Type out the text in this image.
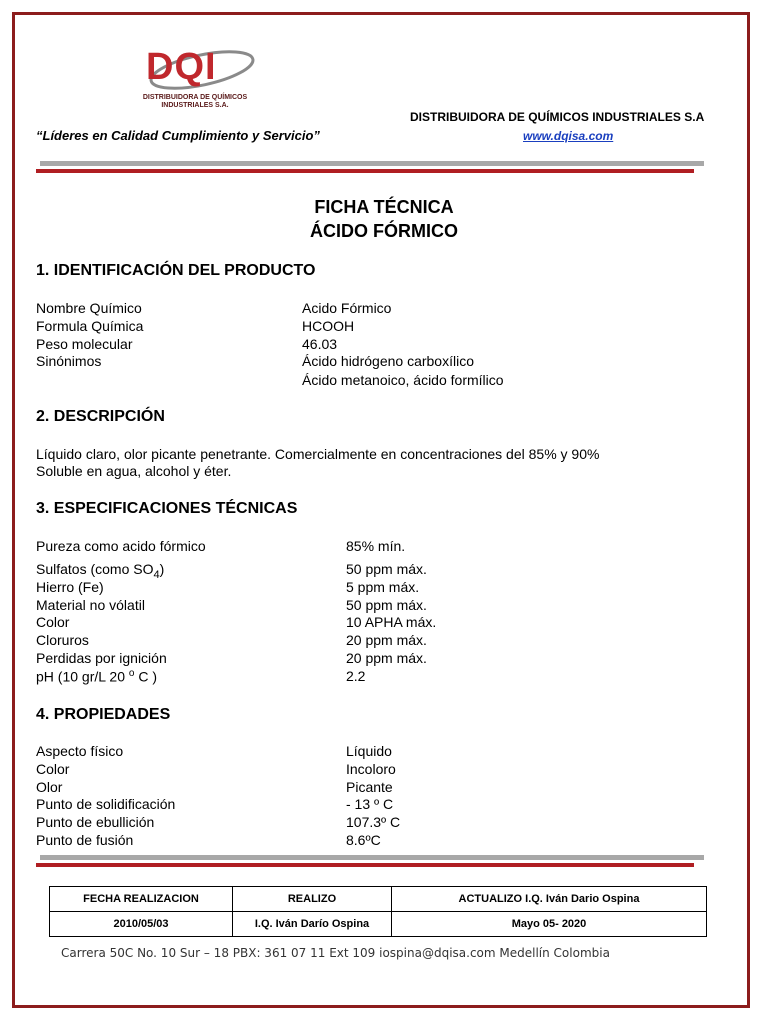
DQI
DISTRIBUIDORA DE QUÍMICOS
INDUSTRIALES S.A.
DISTRIBUIDORA DE QUÍMICOS INDUSTRIALES S.A
www.dqisa.com
“Líderes en Calidad Cumplimiento y Servicio”
FICHA TÉCNICA
ÁCIDO FÓRMICO
1. IDENTIFICACIÓN DEL PRODUCTO
Nombre Químico	Acido Fórmico
Formula Química	HCOOH
Peso molecular	46.03
Sinónimos	Ácido hidrógeno carboxílico
Ácido metanoico, ácido formílico
2. DESCRIPCIÓN
Líquido claro, olor picante penetrante. Comercialmente en concentraciones del 85% y 90%
Soluble en agua, alcohol y éter.
3. ESPECIFICACIONES TÉCNICAS
Pureza como acido fórmico	85% mín.
Sulfatos (como $SO_4$)	50 ppm máx.
Hierro (Fe)	5 ppm máx.
Material no vólatil	50 ppm máx.
Color	10 APHA máx.
Cloruros	20 ppm máx.
Perdidas por ignición	20 ppm máx.
pH (10 gr/L 20 $^o$ C )	2.2
4. PROPIEDADES
Aspecto físico	Líquido
Color	Incoloro
Olor	Picante
Punto de solidificación	- 13 º C
Punto de ebullición	107.3º C
Punto de fusión	8.6ºC
FECHA REALIZACION	REALIZO	ACTUALIZO I.Q. Iván Dario Ospina
2010/05/03	I.Q. Iván Darío Ospina	Mayo 05- 2020
Carrera 50C No. 10 Sur – 18 PBX: 361 07 11 Ext 109 iospina@dqisa.com Medellín Colombia
